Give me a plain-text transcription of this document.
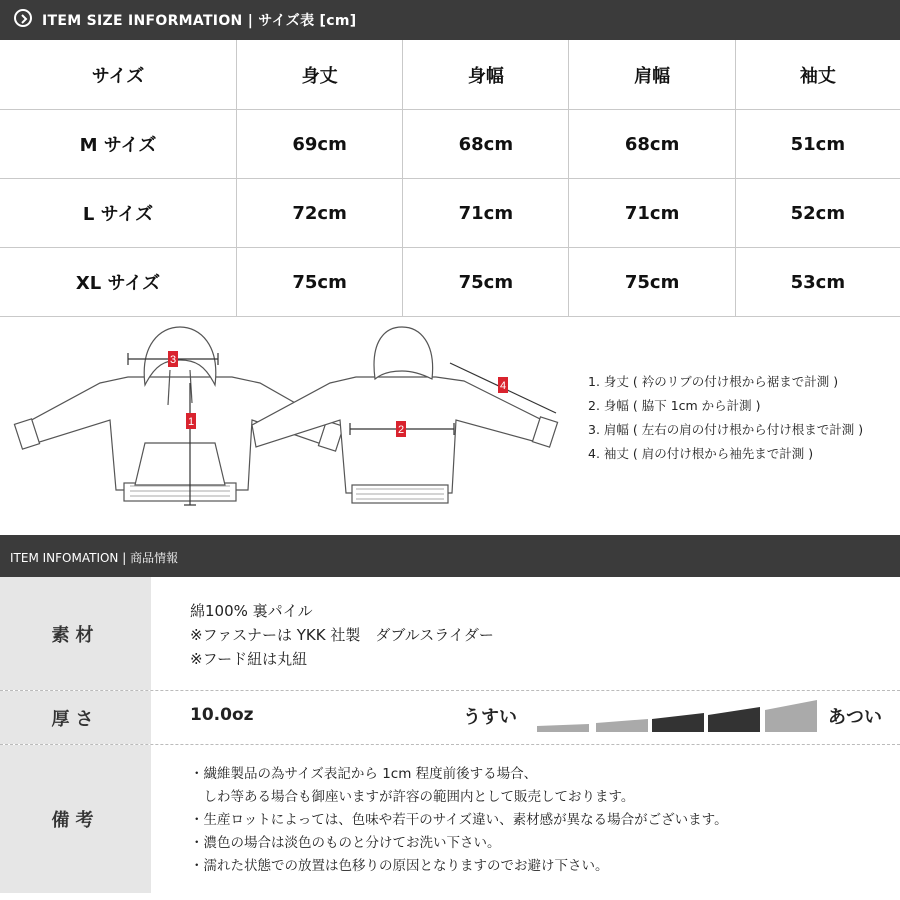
ITEM SIZE INFORMATION | サイズ表 [cm]
サイズ	身丈	身幅	肩幅	袖丈
M サイズ	69cm	68cm	68cm	51cm
L サイズ	72cm	71cm	71cm	52cm
XL サイズ	75cm	75cm	75cm	53cm
3
1
2
4	1. 身丈 ( 衿のリブの付け根から裾まで計測 )
2. 身幅 ( 脇下 1cm から計測 )
3. 肩幅 ( 左右の肩の付け根から付け根まで計測 )
4. 袖丈 ( 肩の付け根から袖先まで計測 )
ITEM INFOMATION | 商品情報
素材
綿100% 裏パイル
※ファスナーは YKK 社製　ダブルスライダー
※フード紐は丸紐
厚さ	10.0oz	うすい	あつい
備考
・繊維製品の為サイズ表記から 1cm 程度前後する場合、
　しわ等ある場合も御座いますが許容の範囲内として販売しております。
・生産ロットによっては、色味や若干のサイズ違い、素材感が異なる場合がございます。
・濃色の場合は淡色のものと分けてお洗い下さい。
・濡れた状態での放置は色移りの原因となりますのでお避け下さい。
